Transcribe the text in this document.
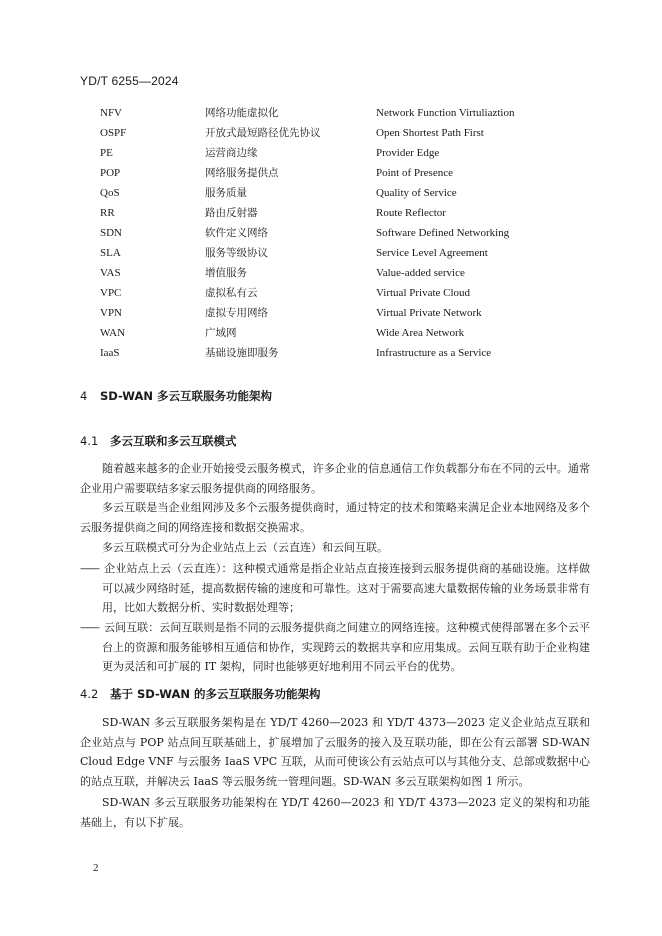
YD/T 6255—2024
NFV	网络功能虚拟化	Network Function Virtuliaztion
OSPF	开放式最短路径优先协议	Open Shortest Path First
PE	运营商边缘	Provider Edge
POP	网络服务提供点	Point of Presence
QoS	服务质量	Quality of Service
RR	路由反射器	Route Reflector
SDN	软件定义网络	Software Defined Networking
SLA	服务等级协议	Service Level Agreement
VAS	增值服务	Value-added service
VPC	虚拟私有云	Virtual Private Cloud
VPN	虚拟专用网络	Virtual Private Network
WAN	广域网	Wide Area Network
IaaS	基础设施即服务	Infrastructure as a Service
4 SD-WAN 多云互联服务功能架构
4.1 多云互联和多云互联模式

随着越来越多的企业开始接受云服务模式，许多企业的信息通信工作负载都分布在不同的云中。通常企业用户需要联结多家云服务提供商的网络服务。

多云互联是当企业组网涉及多个云服务提供商时，通过特定的技术和策略来满足企业本地网络及多个云服务提供商之间的网络连接和数据交换需求。

多云互联模式可分为企业站点上云（云直连）和云间互联。

——企业站点上云（云直连）：这种模式通常是指企业站点直接连接到云服务提供商的基础设施。这样做可以减少网络时延，提高数据传输的速度和可靠性。这对于需要高速大量数据传输的业务场景非常有用，比如大数据分析、实时数据处理等；

——云间互联：云间互联则是指不同的云服务提供商之间建立的网络连接。这种模式使得部署在多个云平台上的资源和服务能够相互通信和协作，实现跨云的数据共享和应用集成。云间互联有助于企业构建更为灵活和可扩展的 IT 架构，同时也能够更好地利用不同云平台的优势。

4.2 基于 SD-WAN 的多云互联服务功能架构

SD-WAN 多云互联服务架构是在 YD/T 4260—2023 和 YD/T 4373—2023 定义企业站点互联和企业站点与 POP 站点间互联基础上，扩展增加了云服务的接入及互联功能，即在公有云部署 SD-WAN Cloud Edge VNF 与云服务 IaaS VPC 互联，从而可使该公有云站点可以与其他分支、总部或数据中心的站点互联，并解决云 IaaS 等云服务统一管理问题。SD-WAN 多云互联架构如图 1 所示。

SD-WAN 多云互联服务功能架构在 YD/T 4260—2023 和 YD/T 4373—2023 定义的架构和功能基础上，有以下扩展。

2
